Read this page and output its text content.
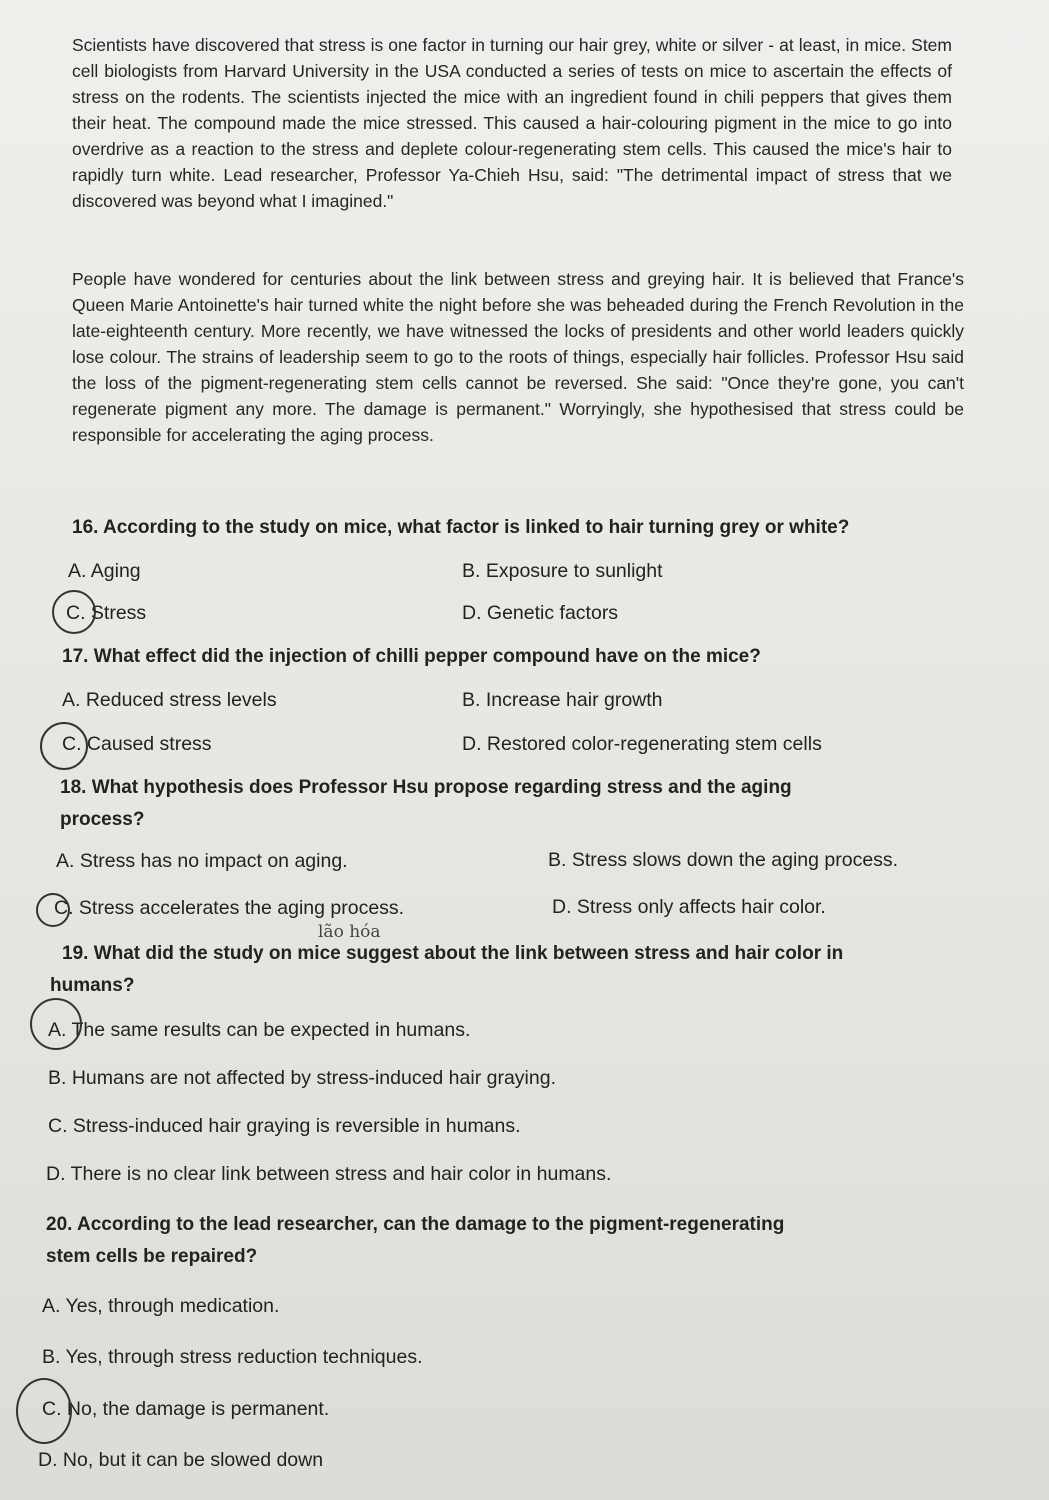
Scientists have discovered that stress is one factor in turning our hair grey, white or silver - at least, in mice. Stem cell biologists from Harvard University in the USA conducted a series of tests on mice to ascertain the effects of stress on the rodents. The scientists injected the mice with an ingredient found in chili peppers that gives them their heat. The compound made the mice stressed. This caused a hair-colouring pigment in the mice to go into overdrive as a reaction to the stress and deplete colour-regenerating stem cells. This caused the mice's hair to rapidly turn white. Lead researcher, Professor Ya-Chieh Hsu, said: "The detrimental impact of stress that we discovered was beyond what I imagined."

People have wondered for centuries about the link between stress and greying hair. It is believed that France's Queen Marie Antoinette's hair turned white the night before she was beheaded during the French Revolution in the late-eighteenth century. More recently, we have witnessed the locks of presidents and other world leaders quickly lose colour. The strains of leadership seem to go to the roots of things, especially hair follicles. Professor Hsu said the loss of the pigment-regenerating stem cells cannot be reversed. She said: "Once they're gone, you can't regenerate pigment any more. The damage is permanent." Worryingly, she hypothesised that stress could be responsible for accelerating the aging process.

16. According to the study on mice, what factor is linked to hair turning grey or white?
A. Aging	B. Exposure to sunlight
C. Stress	D. Genetic factors
17. What effect did the injection of chilli pepper compound have on the mice?
A. Reduced stress levels	B. Increase hair growth
C. Caused stress	D. Restored color-regenerating stem cells
18. What hypothesis does Professor Hsu propose regarding stress and the aging
process?
A. Stress has no impact on aging.	B. Stress slows down the aging process.
C. Stress accelerates the aging process.	D. Stress only affects hair color.
lão hóa
19. What did the study on mice suggest about the link between stress and hair color in
humans?
A. The same results can be expected in humans.
B. Humans are not affected by stress-induced hair graying.
C. Stress-induced hair graying is reversible in humans.
D. There is no clear link between stress and hair color in humans.
20. According to the lead researcher, can the damage to the pigment-regenerating
stem cells be repaired?
A. Yes, through medication.
B. Yes, through stress reduction techniques.
C. No, the damage is permanent.
D. No, but it can be slowed down
